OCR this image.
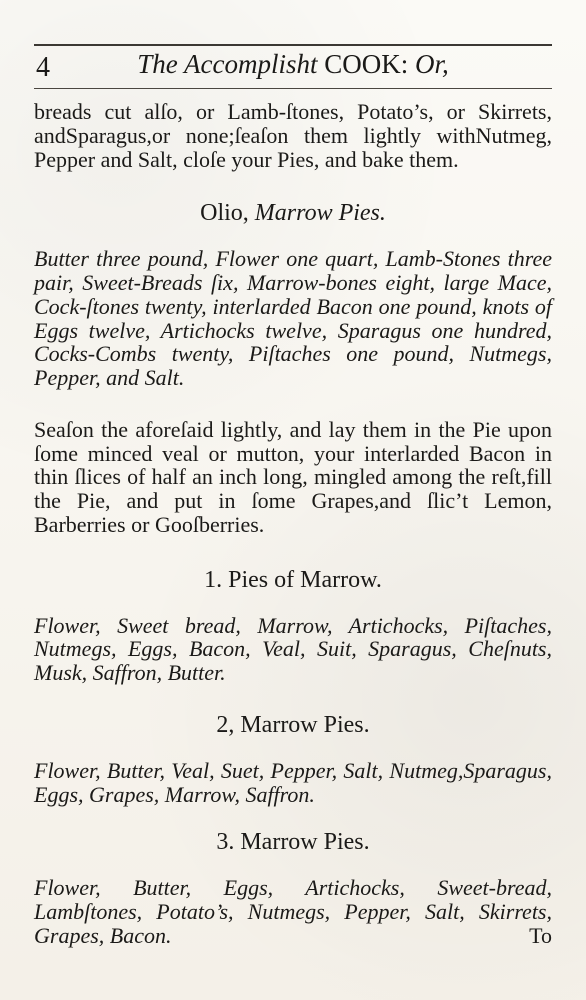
4	The Accomplisht COOK: Or,

breads cut alſo, or Lamb-ſtones, Potato’s, or Skirrets, andSparagus,or none;ſeaſon them lightly withNutmeg, Pepper and Salt, cloſe your Pies, and bake them.

Olio, Marrow Pies.

Butter three pound, Flower one quart, Lamb-Stones three pair, Sweet-Breads ſix, Marrow-bones eight, large Mace, Cock-ſtones twenty, interlarded Bacon one pound, knots of Eggs twelve, Artichocks twelve, Sparagus one hundred, Cocks-Combs twenty, Piſtaches one pound, Nutmegs, Pepper, and Salt.

Seaſon the aforeſaid lightly, and lay them in the Pie upon ſome minced veal or mutton, your interlarded Bacon in thin ſlices of half an inch long, mingled among the reſt,fill the Pie, and put in ſome Grapes,and ſlic’t Lemon, Barberries or Gooſberries.

1. Pies of Marrow.

Flower, Sweet bread, Marrow, Artichocks, Piſtaches, Nutmegs, Eggs, Bacon, Veal, Suit, Sparagus, Cheſnuts, Musk, Saffron, Butter.

2, Marrow Pies.

Flower, Butter, Veal, Suet, Pepper, Salt, Nutmeg,Sparagus, Eggs, Grapes, Marrow, Saffron.

3. Marrow Pies.

Flower, Butter, Eggs, Artichocks, Sweet-bread, Lambſtones, Potato’s, Nutmegs, Pepper, Salt, Skirrets, Grapes, Bacon.	To
